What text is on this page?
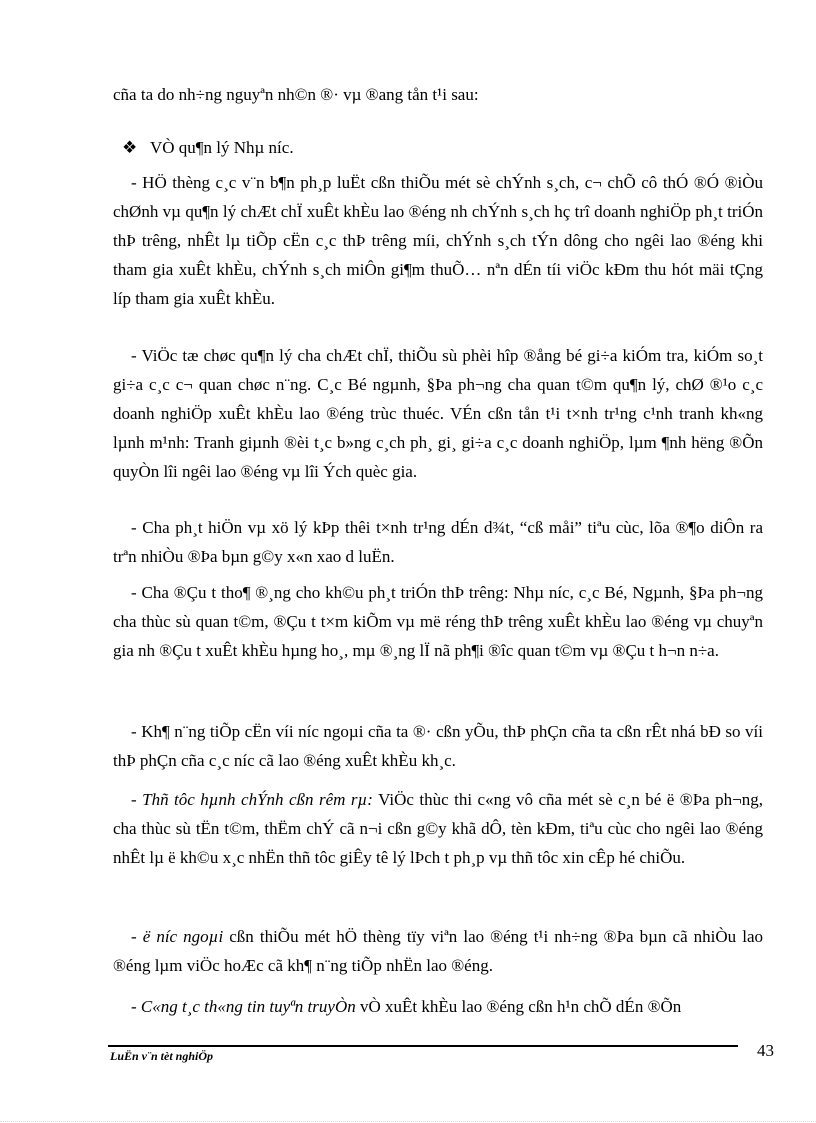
cña ta do nh÷ng nguyªn nh©n ®· vµ ®ang tån t¹i sau:

❖ VÒ qu¶n lý Nhµ níc.

- HÖ thèng c¸c v¨n b¶n ph¸p luËt cßn thiÕu mét sè chÝnh s¸ch, c¬ chÕ cô thÓ ®Ó ®iÒu chØnh vµ qu¶n lý chÆt chÏ xuÊt khÈu lao ®éng nh chÝnh s¸ch hç trî doanh nghiÖp ph¸t triÓn thÞ trêng, nhÊt lµ tiÕp cËn c¸c thÞ trêng míi, chÝnh s¸ch tÝn dông cho ngêi lao ®éng khi tham gia xuÊt khÈu, chÝnh s¸ch miÔn gi¶m thuÕ… nªn dÉn tíi viÖc kÐm thu hót mäi tÇng líp tham gia xuÊt khÈu.

- ViÖc tæ chøc qu¶n lý cha chÆt chÏ, thiÕu sù phèi hîp ®ång bé gi÷a kiÓm tra, kiÓm so¸t gi÷a c¸c c¬ quan chøc n¨ng. C¸c Bé ngµnh, §Þa ph¬ng cha quan t©m qu¶n lý, chØ ®¹o c¸c doanh nghiÖp xuÊt khÈu lao ®éng trùc thuéc. VÉn cßn tån t¹i t×nh tr¹ng c¹nh tranh kh«ng lµnh m¹nh: Tranh giµnh ®èi t¸c b»ng c¸ch ph¸ gi¸ gi÷a c¸c doanh nghiÖp, lµm ¶nh hëng ®Õn quyÒn lîi ngêi lao ®éng vµ lîi Ých quèc gia.

- Cha ph¸t hiÖn vµ xö lý kÞp thêi t×nh tr¹ng dÉn d¾t, “cß måi” tiªu cùc, lõa ®¶o diÔn ra trªn nhiÒu ®Þa bµn g©y x«n xao d luËn.

- Cha ®Çu t tho¶ ®¸ng cho kh©u ph¸t triÓn thÞ trêng: Nhµ níc, c¸c Bé, Ngµnh, §Þa ph¬ng cha thùc sù quan t©m, ®Çu t t×m kiÕm vµ më réng thÞ trêng xuÊt khÈu lao ®éng vµ chuyªn gia nh ®Çu t xuÊt khÈu hµng ho¸, mµ ®¸ng lÏ nã ph¶i ®îc quan t©m vµ ®Çu t h¬n n÷a.

- Kh¶ n¨ng tiÕp cËn víi níc ngoµi cña ta ®· cßn yÕu, thÞ phÇn cña ta cßn rÊt nhá bÐ so víi thÞ phÇn cña c¸c níc cã lao ®éng xuÊt khÈu kh¸c.

- Thñ tôc hµnh chÝnh cßn rêm rµ: ViÖc thùc thi c«ng vô cña mét sè c¸n bé ë ®Þa ph¬ng, cha thùc sù tËn t©m, thËm chÝ cã n¬i cßn g©y khã dÔ, tèn kÐm, tiªu cùc cho ngêi lao ®éng nhÊt lµ ë kh©u x¸c nhËn thñ tôc giÊy tê lý lÞch t ph¸p vµ thñ tôc xin cÊp hé chiÕu.

- ë níc ngoµi cßn thiÕu mét hÖ thèng tïy viªn lao ®éng t¹i nh÷ng ®Þa bµn cã nhiÒu lao ®éng lµm viÖc hoÆc cã kh¶ n¨ng tiÕp nhËn lao ®éng.

- C«ng t¸c th«ng tin tuyªn truyÒn vÒ xuÊt khÈu lao ®éng cßn h¹n chÕ dÉn ®Õn

LuËn v¨n tèt nghiÖp	43
